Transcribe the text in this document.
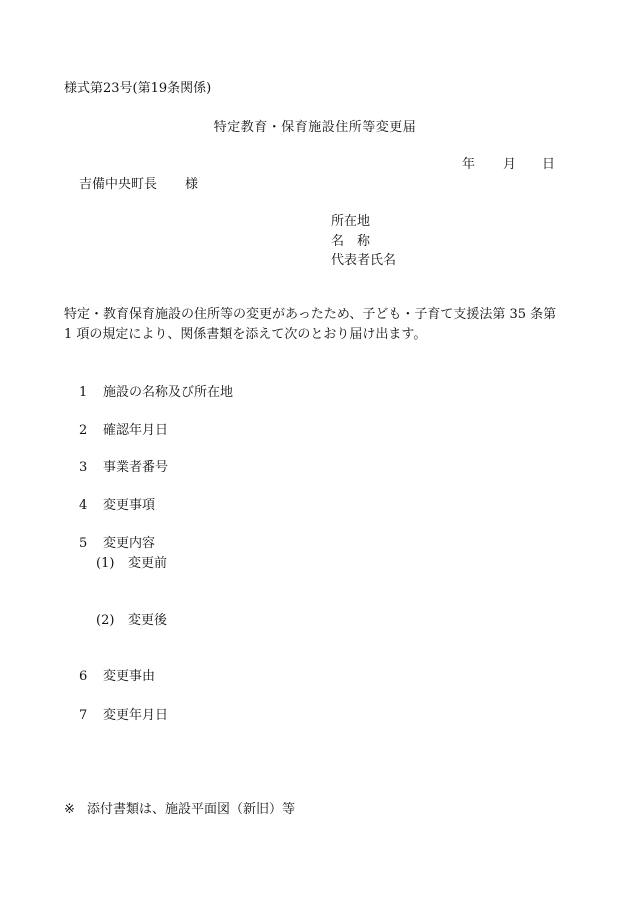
様式第23号(第19条関係)

特定教育・保育施設住所等変更届

年 月 日

吉備中央町長 様

所在地

名　称

代表者氏名

特定・教育保育施設の住所等の変更があったため、子ども・子育て支援法第 35 条第

1 項の規定により、関係書類を添えて次のとおり届け出ます。

1 施設の名称及び所在地
2 確認年月日
3 事業者番号
4 変更事項
5 変更内容
(1) 変更前
(2) 変更後
6 変更事由
7 変更年月日
※ 添付書類は、施設平面図（新旧）等
